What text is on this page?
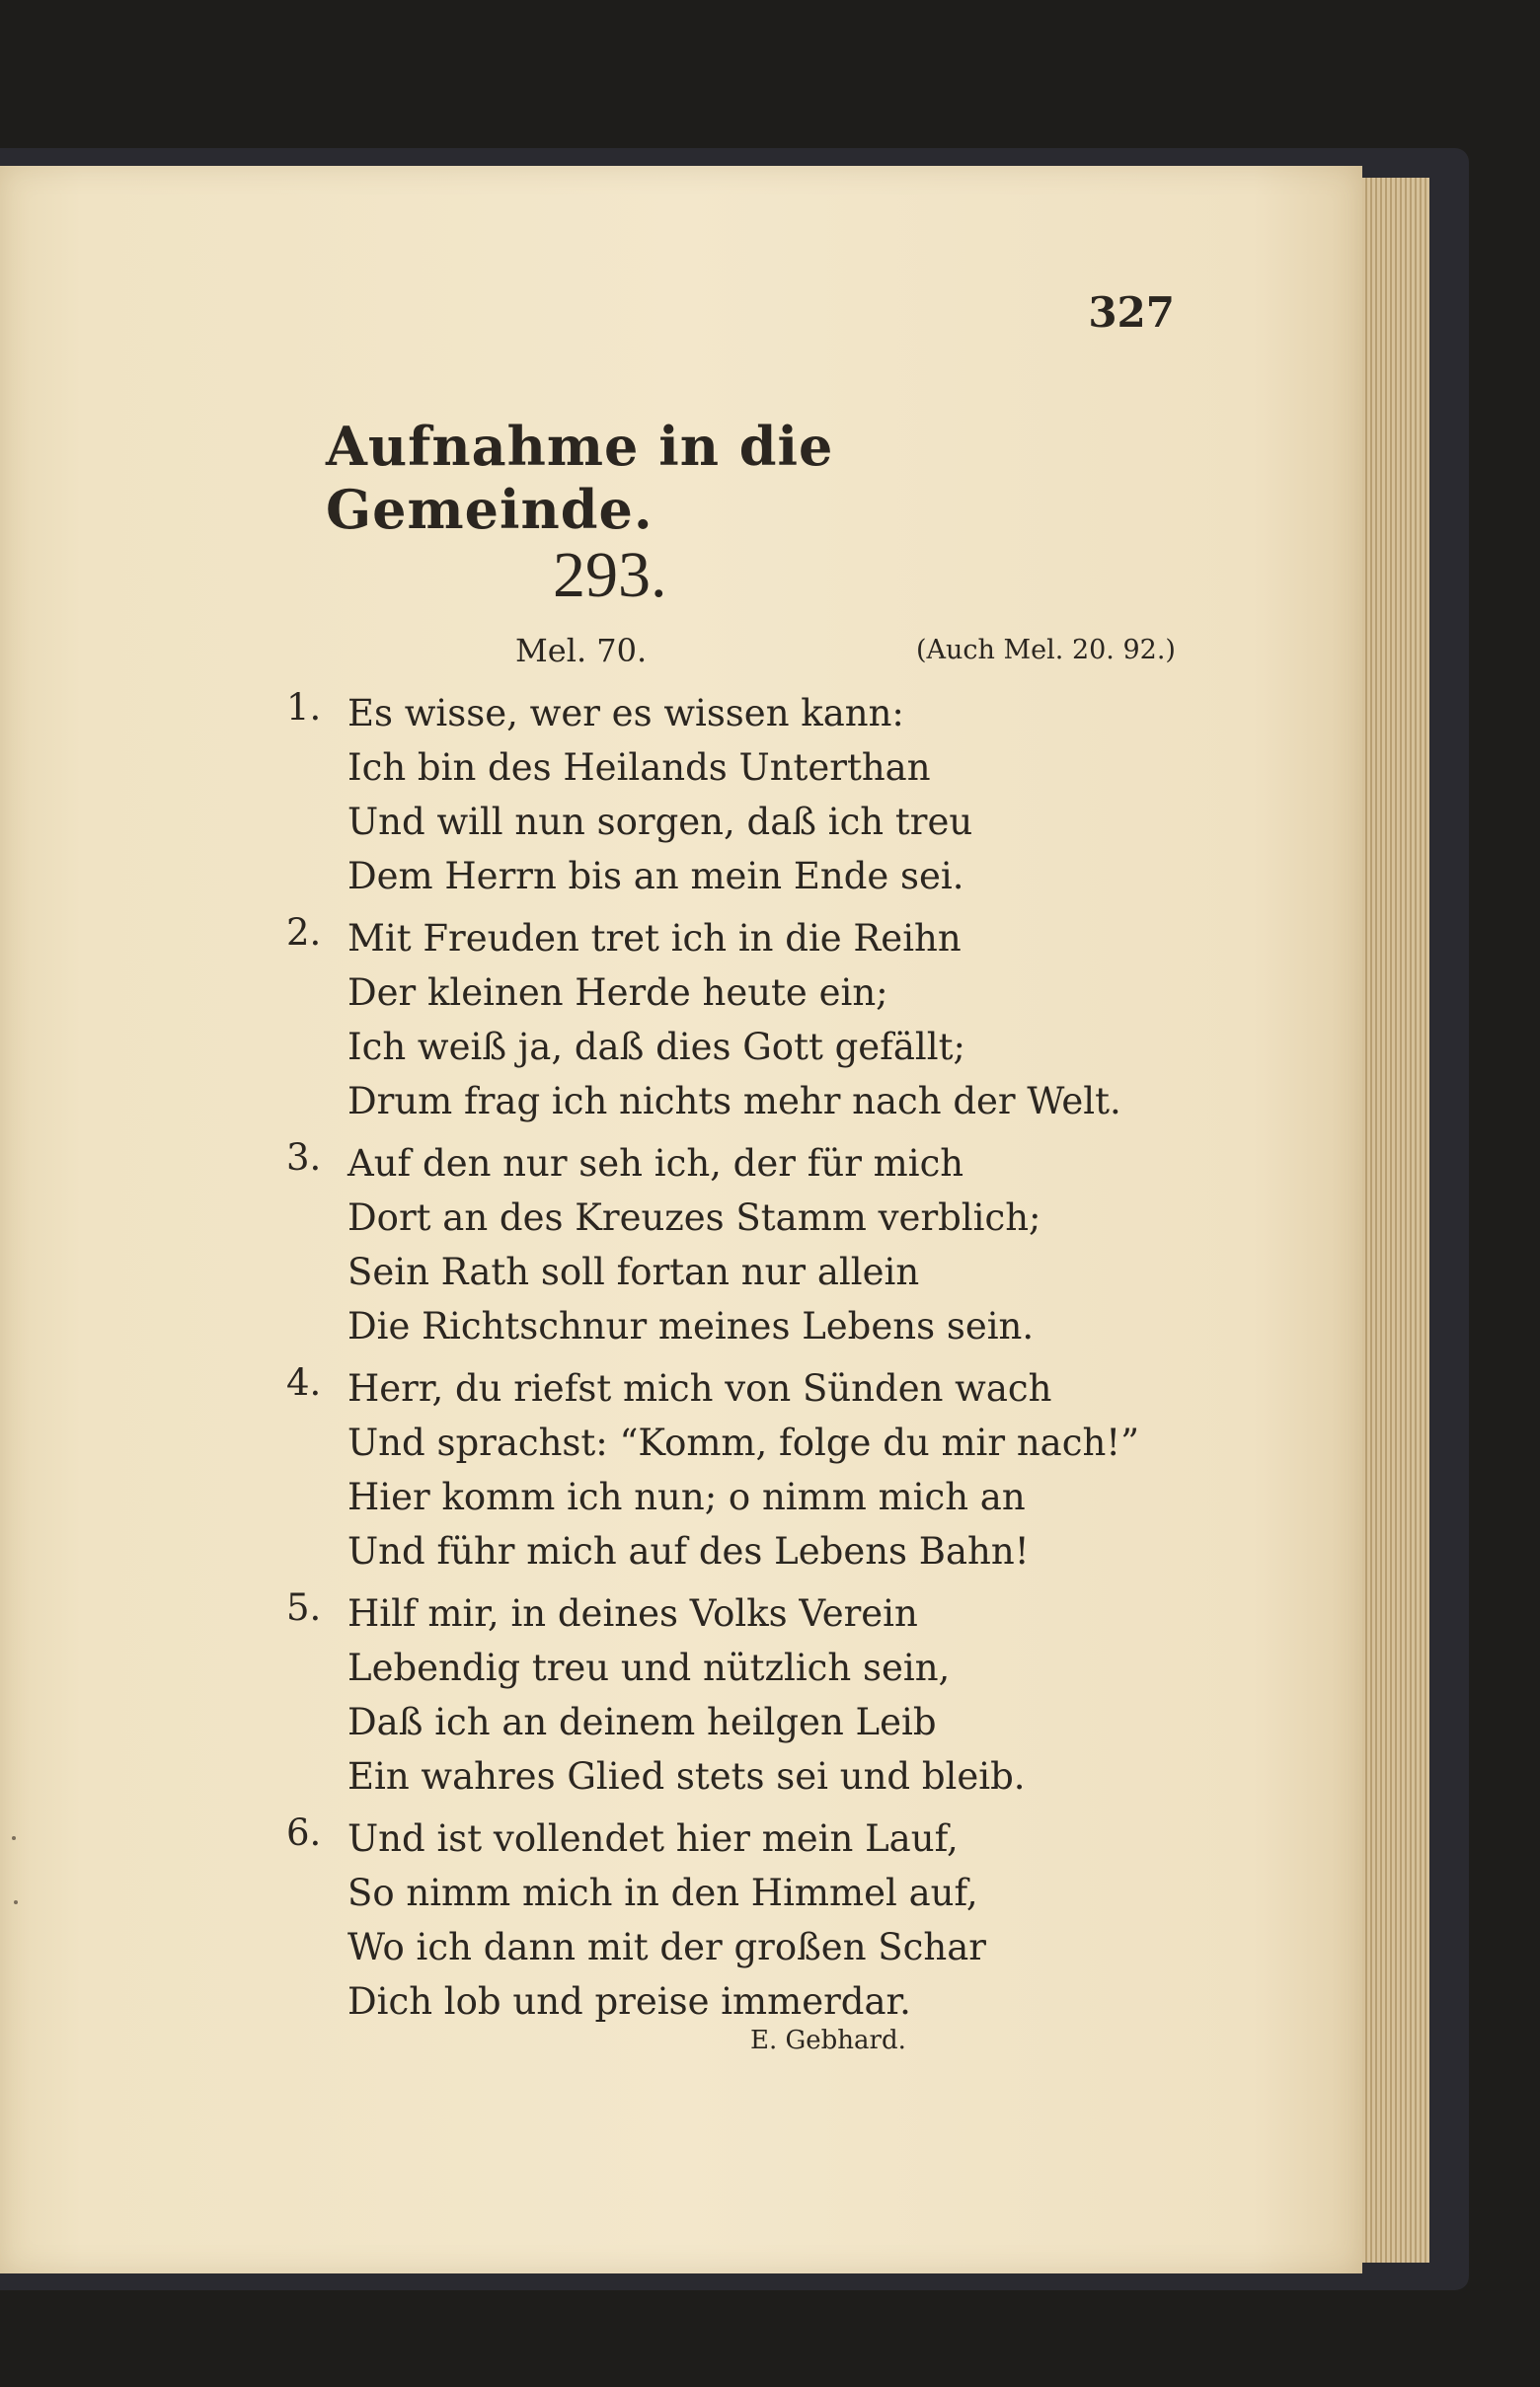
327
Aufnahme in die Gemeinde.
293.
Mel. 70.	(Auch Mel. 20. 92.)
1. Es wisse, wer es wissen kann:
Ich bin des Heilands Unterthan
Und will nun sorgen, daß ich treu
Dem Herrn bis an mein Ende sei.
2. Mit Freuden tret ich in die Reihn
Der kleinen Herde heute ein;
Ich weiß ja, daß dies Gott gefällt;
Drum frag ich nichts mehr nach der Welt.
3. Auf den nur seh ich, der für mich
Dort an des Kreuzes Stamm verblich;
Sein Rath soll fortan nur allein
Die Richtschnur meines Lebens sein.
4. Herr, du riefst mich von Sünden wach
Und sprachst: “Komm, folge du mir nach!”
Hier komm ich nun; o nimm mich an
Und führ mich auf des Lebens Bahn!
5. Hilf mir, in deines Volks Verein
Lebendig treu und nützlich sein,
Daß ich an deinem heilgen Leib
Ein wahres Glied stets sei und bleib.
6. Und ist vollendet hier mein Lauf,
So nimm mich in den Himmel auf,
Wo ich dann mit der großen Schar
Dich lob und preise immerdar.
E. Gebhard.
